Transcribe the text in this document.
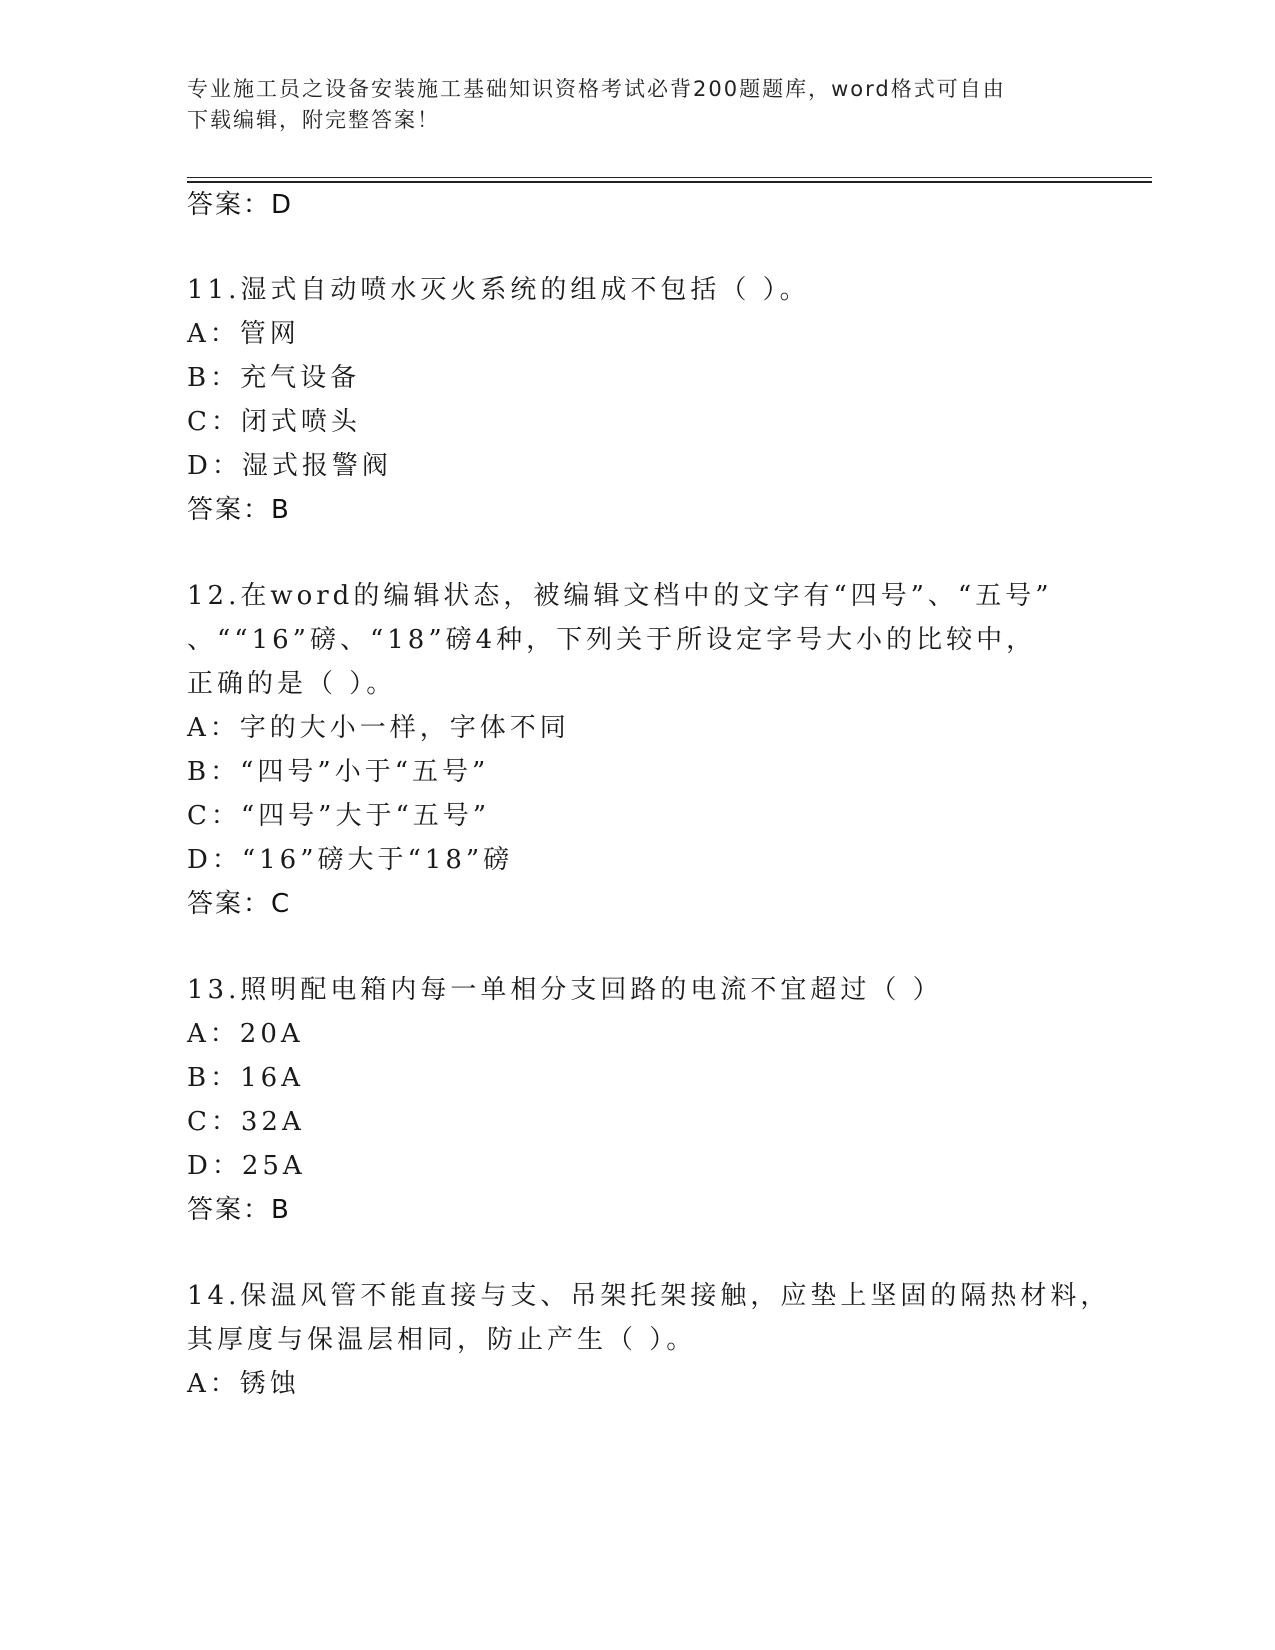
专业施工员之设备安装施工基础知识资格考试必背200题题库，word格式可自由
下载编辑，附完整答案！
答案：D
11.湿式自动喷水灭火系统的组成不包括（ ）。
A：管网
B：充气设备
C：闭式喷头
D：湿式报警阀
答案：B
12.在word的编辑状态，被编辑文档中的文字有“四号”、“五号”
、““16”磅、“18”磅4种，下列关于所设定字号大小的比较中，
正确的是（ ）。
A：字的大小一样，字体不同
B：“四号”小于“五号”
C：“四号”大于“五号”
D：“16”磅大于“18”磅
答案：C
13.照明配电箱内每一单相分支回路的电流不宜超过（ ）
A：20A
B：16A
C：32A
D：25A
答案：B
14.保温风管不能直接与支、吊架托架接触，应垫上坚固的隔热材料，
其厚度与保温层相同，防止产生（ ）。
A：锈蚀
